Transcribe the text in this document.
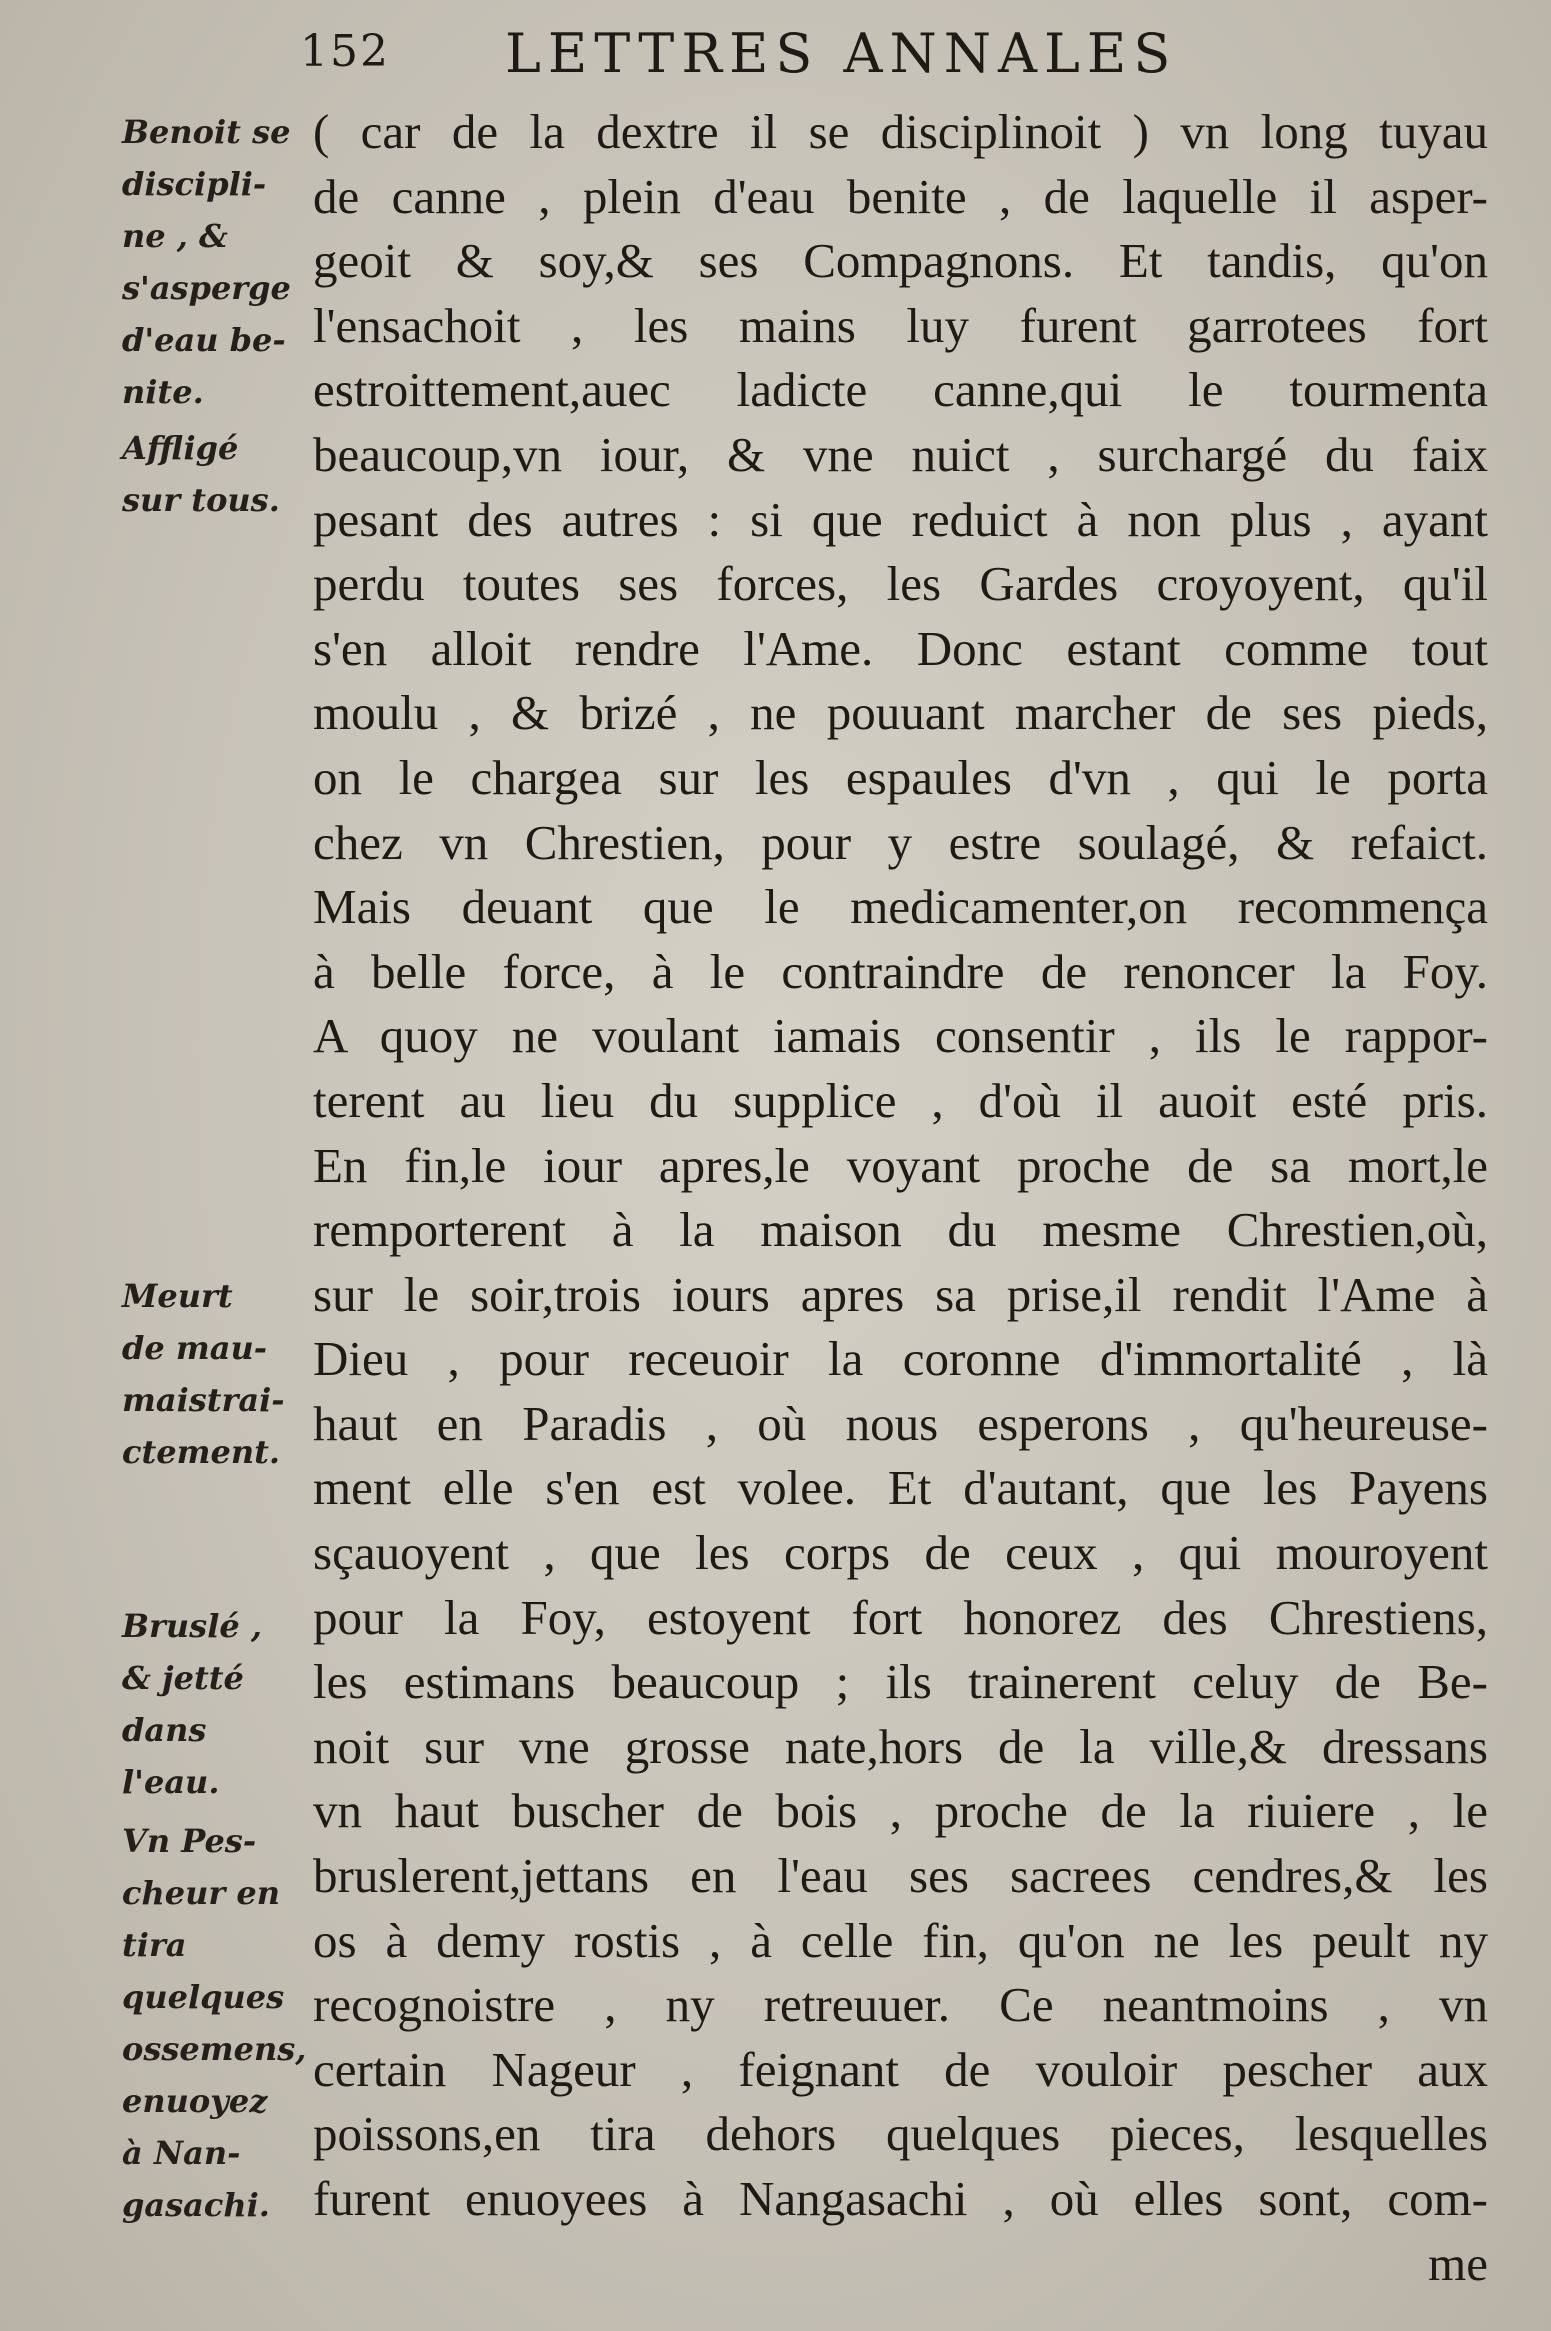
152 LETTRES ANNALES
( car de la dextre il se disciplinoit ) vn long tuyau
de canne , plein d'eau benite , de laquelle il asper-
geoit & soy,& ses Compagnons. Et tandis, qu'on
l'ensachoit , les mains luy furent garrotees fort
estroittement,auec ladicte canne,qui le tourmenta
beaucoup,vn iour, & vne nuict , surchargé du faix
pesant des autres : si que reduict à non plus , ayant
perdu toutes ses forces, les Gardes croyoyent, qu'il
s'en alloit rendre l'Ame. Donc estant comme tout
moulu , & brizé , ne pouuant marcher de ses pieds,
on le chargea sur les espaules d'vn , qui le porta
chez vn Chrestien, pour y estre soulagé, & refaict.
Mais deuant que le medicamenter,on recommença
à belle force, à le contraindre de renoncer la Foy.
A quoy ne voulant iamais consentir , ils le rappor-
terent au lieu du supplice , d'où il auoit esté pris.
En fin,le iour apres,le voyant proche de sa mort,le
remporterent à la maison du mesme Chrestien,où,
sur le soir,trois iours apres sa prise,il rendit l'Ame à
Dieu , pour receuoir la coronne d'immortalité , là
haut en Paradis , où nous esperons , qu'heureuse-
ment elle s'en est volee. Et d'autant, que les Payens
sçauoyent , que les corps de ceux , qui mouroyent
pour la Foy, estoyent fort honorez des Chrestiens,
les estimans beaucoup ; ils trainerent celuy de Be-
noit sur vne grosse nate,hors de la ville,& dressans
vn haut buscher de bois , proche de la riuiere , le
bruslerent,jettans en l'eau ses sacrees cendres,& les
os à demy rostis , à celle fin, qu'on ne les peult ny
recognoistre , ny retreuuer. Ce neantmoins , vn
certain Nageur , feignant de vouloir pescher aux
poissons,en tira dehors quelques pieces, lesquelles
furent enuoyees à Nangasachi , où elles sont, com-
me
Benoit se
discipli-
ne , &
s'asperge
d'eau be-
nite.
Affligé
sur tous.
Meurt
de mau-
maistrai-
ctement.
Bruslé ,
& jetté
dans
l'eau.
Vn Pes-
cheur en
tira
quelques
ossemens,
enuoyez
à Nan-
gasachi.
